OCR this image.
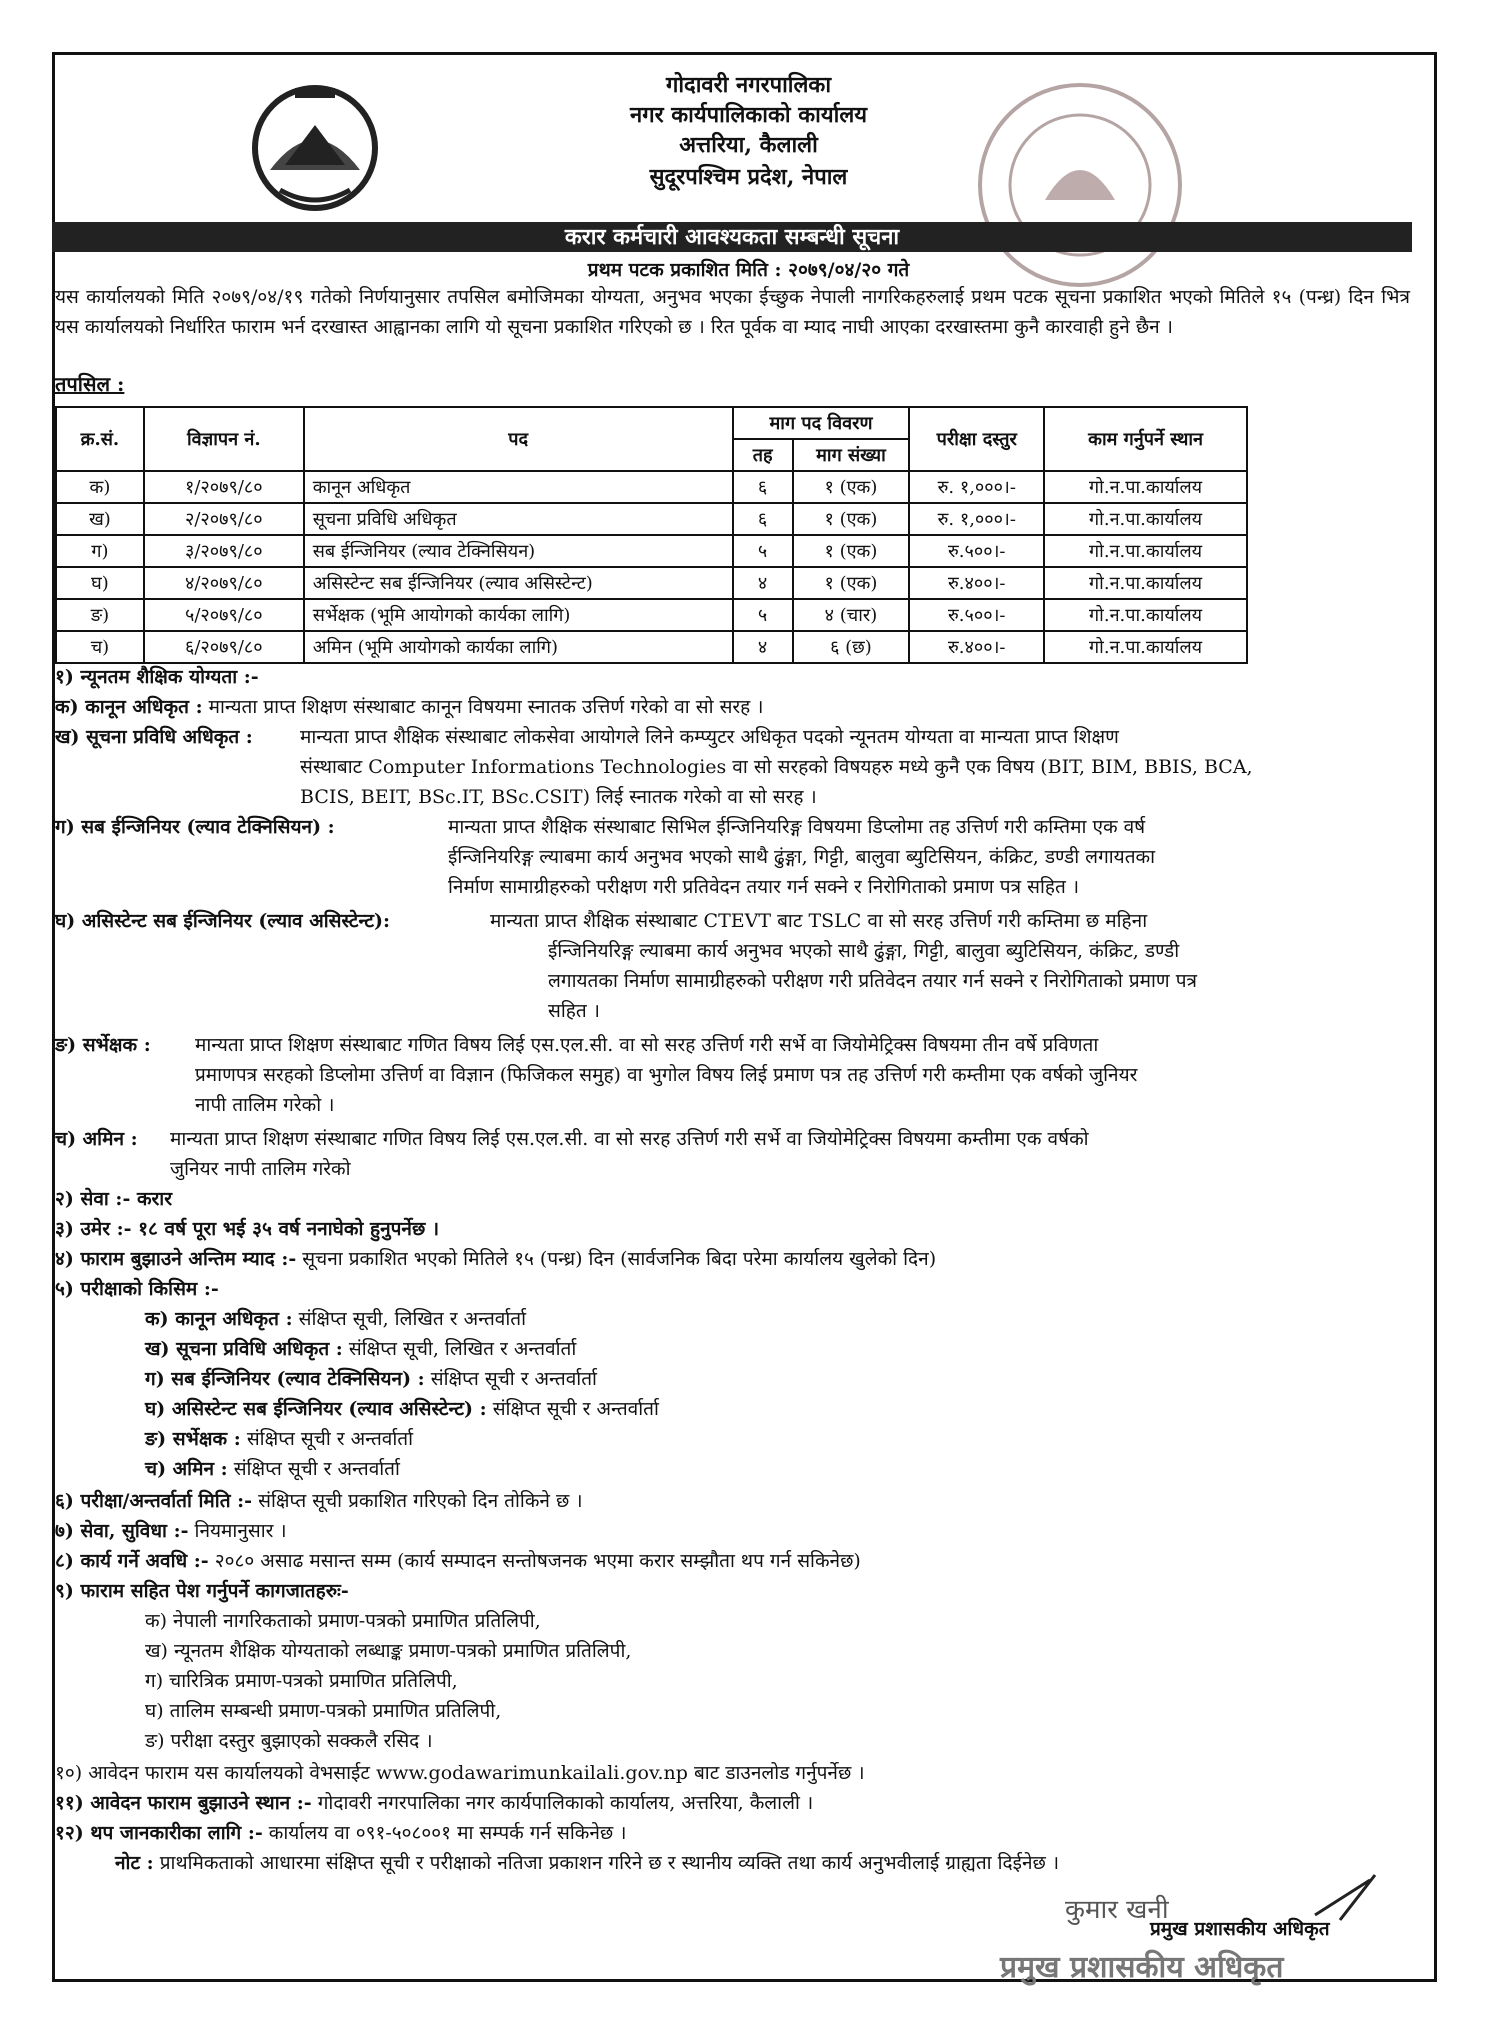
गोदावरी नगरपालिका
नगर कार्यपालिकाको कार्यालय
अत्तरिया, कैलाली
सुदूरपश्चिम प्रदेश, नेपाल
करार कर्मचारी आवश्यकता सम्बन्धी सूचना
प्रथम पटक प्रकाशित मिति : २०७९/०४/२० गते
यस कार्यालयको मिति २०७९/०४/१९ गतेको निर्णयानुसार तपसिल बमोजिमका योग्यता, अनुभव भएका ईच्छुक नेपाली नागरिकहरुलाई प्रथम पटक सूचना प्रकाशित भएको मितिले १५ (पन्ध्र) दिन भित्र यस कार्यालयको निर्धारित फाराम भर्न दरखास्त आह्वानका लागि यो सूचना प्रकाशित गरिएको छ । रित पूर्वक वा म्याद नाघी आएका दरखास्तमा कुनै कारवाही हुने छैन ।
तपसिल :
क्र.सं.	विज्ञापन नं.	पद	माग पद विवरण		परीक्षा दस्तुर	काम गर्नुपर्ने स्थान
			तह	माग संख्या		
क)	१/२०७९/८०	कानून अधिकृत	६	१ (एक)	रु. १,०००।-	गो.न.पा.कार्यालय
ख)	२/२०७९/८०	सूचना प्रविधि अधिकृत	६	१ (एक)	रु. १,०००।-	गो.न.पा.कार्यालय
ग)	३/२०७९/८०	सब ईन्जिनियर (ल्याव टेक्निसियन)	५	१ (एक)	रु.५००।-	गो.न.पा.कार्यालय
घ)	४/२०७९/८०	असिस्टेन्ट सब ईन्जिनियर (ल्याव असिस्टेन्ट)	४	१ (एक)	रु.४००।-	गो.न.पा.कार्यालय
ङ)	५/२०७९/८०	सर्भेक्षक (भूमि आयोगको कार्यका लागि)	५	४ (चार)	रु.५००।-	गो.न.पा.कार्यालय
च)	६/२०७९/८०	अमिन (भूमि आयोगको कार्यका लागि)	४	६ (छ)	रु.४००।-	गो.न.पा.कार्यालय
१) न्यूनतम शैक्षिक योग्यता :-
क) कानून अधिकृत : मान्यता प्राप्त शिक्षण संस्थाबाट कानून विषयमा स्नातक उत्तिर्ण गरेको वा सो सरह ।
ख) सूचना प्रविधि अधिकृत : मान्यता प्राप्त शैक्षिक संस्थाबाट लोकसेवा आयोगले लिने कम्प्युटर अधिकृत पदको न्यूनतम योग्यता वा मान्यता प्राप्त शिक्षण
संस्थाबाट Computer Informations Technologies वा सो सरहको विषयहरु मध्ये कुनै एक विषय (BIT, BIM, BBIS, BCA,
BCIS, BEIT, BSc.IT, BSc.CSIT) लिई स्नातक गरेको वा सो सरह ।
ग) सब ईन्जिनियर (ल्याव टेक्निसियन) :	मान्यता प्राप्त शैक्षिक संस्थाबाट सिभिल ईन्जिनियरिङ्ग विषयमा डिप्लोमा तह उत्तिर्ण गरी कम्तिमा एक वर्ष
ईन्जिनियरिङ्ग ल्याबमा कार्य अनुभव भएको साथै ढुंङ्गा, गिट्टी, बालुवा ब्युटिसियन, कंक्रिट, डण्डी लगायतका
निर्माण सामाग्रीहरुको परीक्षण गरी प्रतिवेदन तयार गर्न सक्ने र निरोगिताको प्रमाण पत्र सहित ।
घ) असिस्टेन्ट सब ईन्जिनियर (ल्याव असिस्टेन्ट):	मान्यता प्राप्त शैक्षिक संस्थाबाट CTEVT बाट TSLC वा सो सरह उत्तिर्ण गरी कम्तिमा छ महिना
ईन्जिनियरिङ्ग ल्याबमा कार्य अनुभव भएको साथै ढुंङ्गा, गिट्टी, बालुवा ब्युटिसियन, कंक्रिट, डण्डी
लगायतका निर्माण सामाग्रीहरुको परीक्षण गरी प्रतिवेदन तयार गर्न सक्ने र निरोगिताको प्रमाण पत्र
सहित ।
ङ) सर्भेक्षक : मान्यता प्राप्त शिक्षण संस्थाबाट गणित विषय लिई एस.एल.सी. वा सो सरह उत्तिर्ण गरी सर्भे वा जियोमेट्रिक्स विषयमा तीन वर्षे प्रविणता
प्रमाणपत्र सरहको डिप्लोमा उत्तिर्ण वा विज्ञान (फिजिकल समुह) वा भुगोल विषय लिई प्रमाण पत्र तह उत्तिर्ण गरी कम्तीमा एक वर्षको जुनियर
नापी तालिम गरेको ।
च) अमिन : मान्यता प्राप्त शिक्षण संस्थाबाट गणित विषय लिई एस.एल.सी. वा सो सरह उत्तिर्ण गरी सर्भे वा जियोमेट्रिक्स विषयमा कम्तीमा एक वर्षको
जुनियर नापी तालिम गरेको
२) सेवा :- करार
३) उमेर :- १८ वर्ष पूरा भई ३५ वर्ष ननाघेको हुनुपर्नेछ ।
४) फाराम बुझाउने अन्तिम म्याद :- सूचना प्रकाशित भएको मितिले १५ (पन्ध्र) दिन (सार्वजनिक बिदा परेमा कार्यालय खुलेको दिन)
५) परीक्षाको किसिम :-
क) कानून अधिकृत : संक्षिप्त सूची, लिखित र अन्तर्वार्ता
ख) सूचना प्रविधि अधिकृत : संक्षिप्त सूची, लिखित र अन्तर्वार्ता
ग) सब ईन्जिनियर (ल्याव टेक्निसियन) : संक्षिप्त सूची र अन्तर्वार्ता
घ) असिस्टेन्ट सब ईन्जिनियर (ल्याव असिस्टेन्ट) : संक्षिप्त सूची र अन्तर्वार्ता
ङ) सर्भेक्षक : संक्षिप्त सूची र अन्तर्वार्ता
च) अमिन : संक्षिप्त सूची र अन्तर्वार्ता
६) परीक्षा/अन्तर्वार्ता मिति :- संक्षिप्त सूची प्रकाशित गरिएको दिन तोकिने छ ।
७) सेवा, सुविधा :- नियमानुसार ।
८) कार्य गर्ने अवधि :- २०८० असाढ मसान्त सम्म (कार्य सम्पादन सन्तोषजनक भएमा करार सम्झौता थप गर्न सकिनेछ)
९) फाराम सहित पेश गर्नुपर्ने कागजातहरुः-
क) नेपाली नागरिकताको प्रमाण-पत्रको प्रमाणित प्रतिलिपी,
ख) न्यूनतम शैक्षिक योग्यताको लब्धाङ्क प्रमाण-पत्रको प्रमाणित प्रतिलिपी,
ग) चारित्रिक प्रमाण-पत्रको प्रमाणित प्रतिलिपी,
घ) तालिम सम्बन्धी प्रमाण-पत्रको प्रमाणित प्रतिलिपी,
ङ) परीक्षा दस्तुर बुझाएको सक्कलै रसिद ।
१०) आवेदन फाराम यस कार्यालयको वेभसाईट www.godawarimunkailali.gov.np बाट डाउनलोड गर्नुपर्नेछ ।
११) आवेदन फाराम बुझाउने स्थान :- गोदावरी नगरपालिका नगर कार्यपालिकाको कार्यालय, अत्तरिया, कैलाली ।
१२) थप जानकारीका लागि :- कार्यालय वा ०९१-५०८००१ मा सम्पर्क गर्न सकिनेछ ।
नोट : प्राथमिकताको आधारमा संक्षिप्त सूची र परीक्षाको नतिजा प्रकाशन गरिने छ र स्थानीय व्यक्ति तथा कार्य अनुभवीलाई ग्राह्यता दिईनेछ ।
कुमार खनी
प्रमुख प्रशासकीय अधिकृत
प्रमुख प्रशासकीय अधिकृत
